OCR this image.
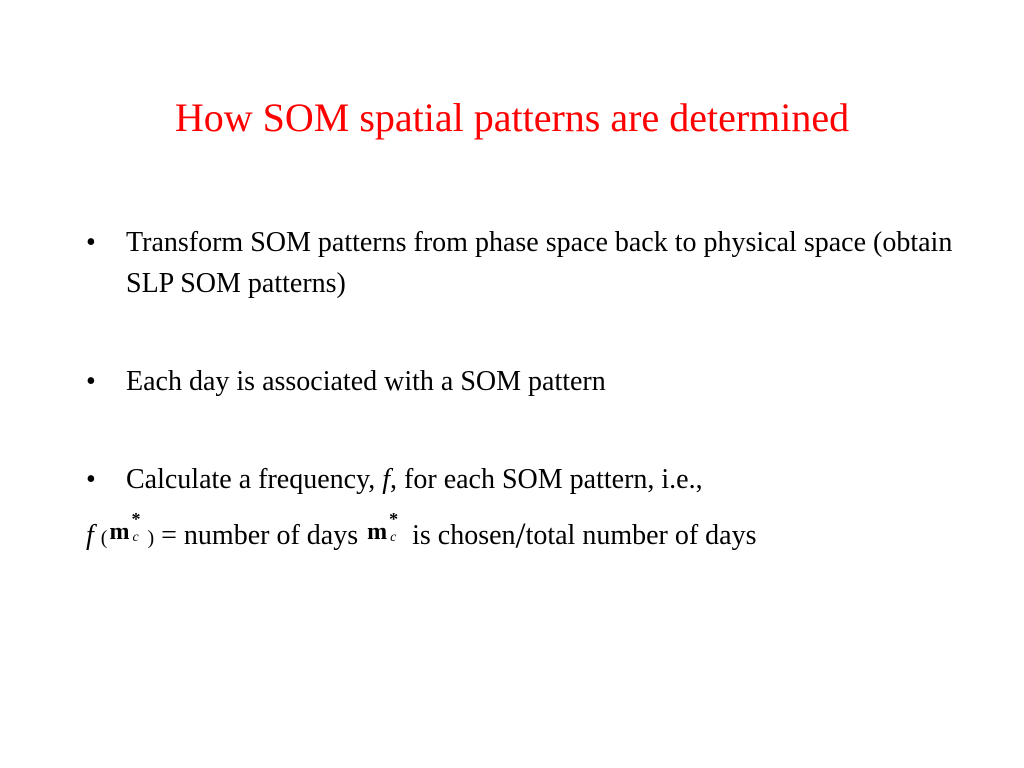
How SOM spatial patterns are determined
• Transform SOM patterns from phase space back to physical space (obtain SLP SOM patterns)
• Each day is associated with a SOM pattern
• Calculate a frequency, f, for each SOM pattern, i.e.,
f ( m *
c ) = number of days m *
c is chosen/total number of days
